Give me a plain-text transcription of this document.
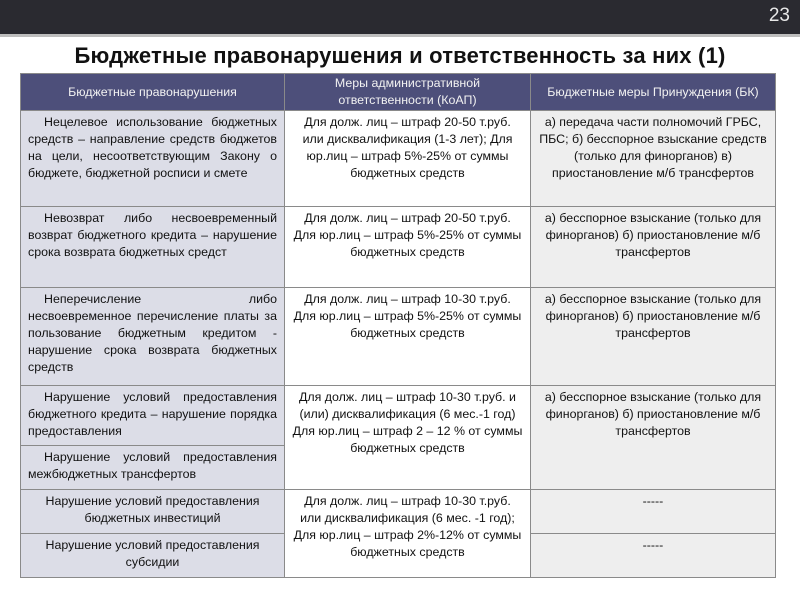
23
Бюджетные правонарушения и ответственность за них (1)
Бюджетные правонарушения	Меры административной ответственности (КоАП)	Бюджетные меры Принуждения (БК)

Нецелевое использование бюджетных средств – направление средств бюджетов на цели, несоответствующим Закону о бюджете, бюджетной росписи и смете	Для долж. лиц – штраф 20-50 т.руб. или дисквалификация (1-3 лет); Для юр.лиц – штраф 5%-25% от суммы бюджетных средств	а) передача части полномочий ГРБС, ПБС; б) бесспорное взыскание средств (только для финорганов) в) приостановление м/б трансфертов

Невозврат либо несвоевременный возврат бюджетного кредита – нарушение срока возврата бюджетных средст	Для долж. лиц – штраф 20-50 т.руб. Для юр.лиц – штраф 5%-25% от суммы бюджетных средств	а) бесспорное взыскание (только для финорганов) б) приостановление м/б трансфертов

Неперечисление либо несвоевременное перечисление платы за пользование бюджетным кредитом - нарушение срока возврата бюджетных средств	Для долж. лиц – штраф 10-30 т.руб. Для юр.лиц – штраф 5%-25% от суммы бюджетных средств	а) бесспорное взыскание (только для финорганов) б) приостановление м/б трансфертов

Нарушение условий предоставления бюджетного кредита – нарушение порядка предоставления	Для долж. лиц – штраф 10-30 т.руб. и (или) дисквалификация (6 мес.-1 год) Для юр.лиц – штраф 2 – 12 % от суммы бюджетных средств	а) бесспорное взыскание (только для финорганов) б) приостановление м/б трансфертов

Нарушение условий предоставления межбюджетных трансфертов		

Нарушение условий предоставления бюджетных инвестиций	Для долж. лиц – штраф 10-30 т.руб. или дисквалификация (6 мес. -1 год); Для юр.лиц – штраф 2%-12% от суммы бюджетных средств	-----
Нарушение условий предоставления субсидии		-----
